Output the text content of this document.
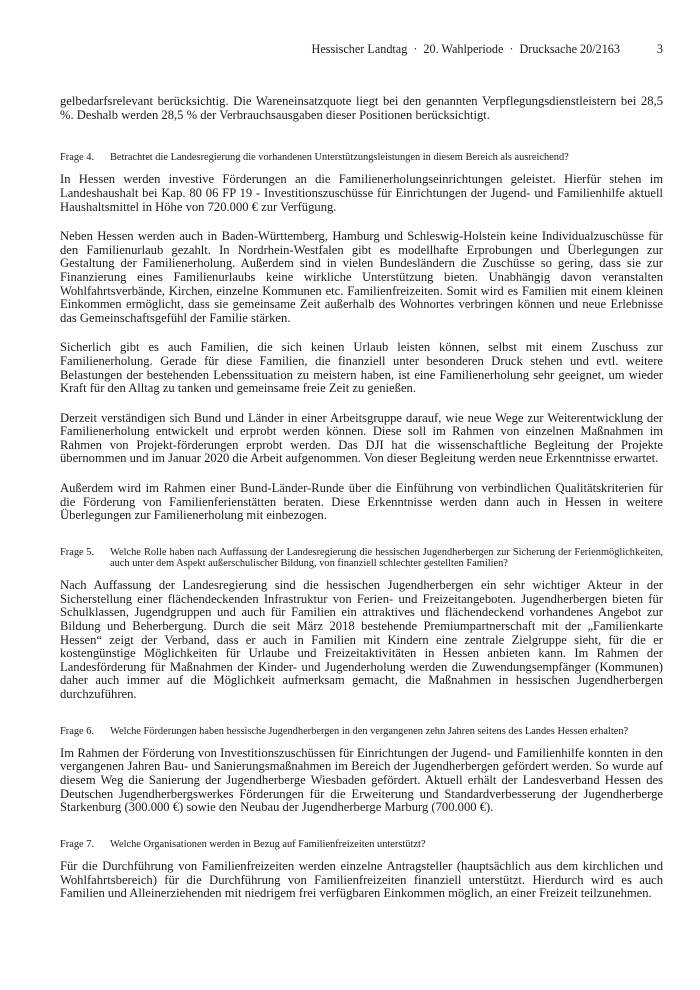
Hessischer Landtag · 20. Wahlperiode · Drucksache 20/2163	3

gelbedarfsrelevant berücksichtig. Die Wareneinsatzquote liegt bei den genannten Verpflegungsdienstleistern bei 28,5 %. Deshalb werden 28,5 % der Verbrauchsausgaben dieser Positionen berücksichtigt.

Frage 4.	Betrachtet die Landesregierung die vorhandenen Unterstützungsleistungen in diesem Bereich als ausreichend?

In Hessen werden investive Förderungen an die Familienerholungseinrichtungen geleistet. Hierfür stehen im Landeshaushalt bei Kap. 80 06 FP 19 - Investitionszuschüsse für Einrichtungen der Jugend- und Familienhilfe aktuell Haushaltsmittel in Höhe von 720.000 € zur Verfügung.

Neben Hessen werden auch in Baden-Württemberg, Hamburg und Schleswig-Holstein keine Individualzuschüsse für den Familienurlaub gezahlt. In Nordrhein-Westfalen gibt es modellhafte Erprobungen und Überlegungen zur Gestaltung der Familienerholung. Außerdem sind in vielen Bundesländern die Zuschüsse so gering, dass sie zur Finanzierung eines Familienurlaubs keine wirkliche Unterstützung bieten. Unabhängig davon veranstalten Wohlfahrtsverbände, Kirchen, einzelne Kommunen etc. Familienfreizeiten. Somit wird es Familien mit einem kleinen Einkommen ermöglicht, dass sie gemeinsame Zeit außerhalb des Wohnortes verbringen können und neue Erlebnisse das Gemeinschaftsgefühl der Familie stärken.

Sicherlich gibt es auch Familien, die sich keinen Urlaub leisten können, selbst mit einem Zuschuss zur Familienerholung. Gerade für diese Familien, die finanziell unter besonderen Druck stehen und evtl. weitere Belastungen der bestehenden Lebenssituation zu meistern haben, ist eine Familienerholung sehr geeignet, um wieder Kraft für den Alltag zu tanken und gemeinsame freie Zeit zu genießen.

Derzeit verständigen sich Bund und Länder in einer Arbeitsgruppe darauf, wie neue Wege zur Weiterentwicklung der Familienerholung entwickelt und erprobt werden können. Diese soll im Rahmen von einzelnen Maßnahmen im Rahmen von Projekt-förderungen erprobt werden. Das DJI hat die wissenschaftliche Begleitung der Projekte übernommen und im Januar 2020 die Arbeit aufgenommen. Von dieser Begleitung werden neue Erkenntnisse erwartet.

Außerdem wird im Rahmen einer Bund-Länder-Runde über die Einführung von verbindlichen Qualitätskriterien für die Förderung von Familienferienstätten beraten. Diese Erkenntnisse werden dann auch in Hessen in weitere Überlegungen zur Familienerholung mit einbezogen.

Frage 5.	Welche Rolle haben nach Auffassung der Landesregierung die hessischen Jugendherbergen zur Sicherung der Ferienmöglichkeiten, auch unter dem Aspekt außerschulischer Bildung, von finanziell schlechter gestellten Familien?

Nach Auffassung der Landesregierung sind die hessischen Jugendherbergen ein sehr wichtiger Akteur in der Sicherstellung einer flächendeckenden Infrastruktur von Ferien- und Freizeitangeboten. Jugendherbergen bieten für Schulklassen, Jugendgruppen und auch für Familien ein attraktives und flächendeckend vorhandenes Angebot zur Bildung und Beherbergung. Durch die seit März 2018 bestehende Premiumpartnerschaft mit der „Familienkarte Hessen“ zeigt der Verband, dass er auch in Familien mit Kindern eine zentrale Zielgruppe sieht, für die er kostengünstige Möglichkeiten für Urlaube und Freizeitaktivitäten in Hessen anbieten kann. Im Rahmen der Landesförderung für Maßnahmen der Kinder- und Jugenderholung werden die Zuwendungsempfänger (Kommunen) daher auch immer auf die Möglichkeit aufmerksam gemacht, die Maßnahmen in hessischen Jugendherbergen durchzuführen.

Frage 6.	Welche Förderungen haben hessische Jugendherbergen in den vergangenen zehn Jahren seitens des Landes Hessen erhalten?

Im Rahmen der Förderung von Investitionszuschüssen für Einrichtungen der Jugend- und Familienhilfe konnten in den vergangenen Jahren Bau- und Sanierungsmaßnahmen im Bereich der Jugendherbergen gefördert werden. So wurde auf diesem Weg die Sanierung der Jugendherberge Wiesbaden gefördert. Aktuell erhält der Landesverband Hessen des Deutschen Jugendherbergswerkes Förderungen für die Erweiterung und Standardverbesserung der Jugendherberge Starkenburg (300.000 €) sowie den Neubau der Jugendherberge Marburg (700.000 €).

Frage 7.	Welche Organisationen werden in Bezug auf Familienfreizeiten unterstützt?

Für die Durchführung von Familienfreizeiten werden einzelne Antragsteller (hauptsächlich aus dem kirchlichen und Wohlfahrtsbereich) für die Durchführung von Familienfreizeiten finanziell unterstützt. Hierdurch wird es auch Familien und Alleinerziehenden mit niedrigem frei verfügbaren Einkommen möglich, an einer Freizeit teilzunehmen.
